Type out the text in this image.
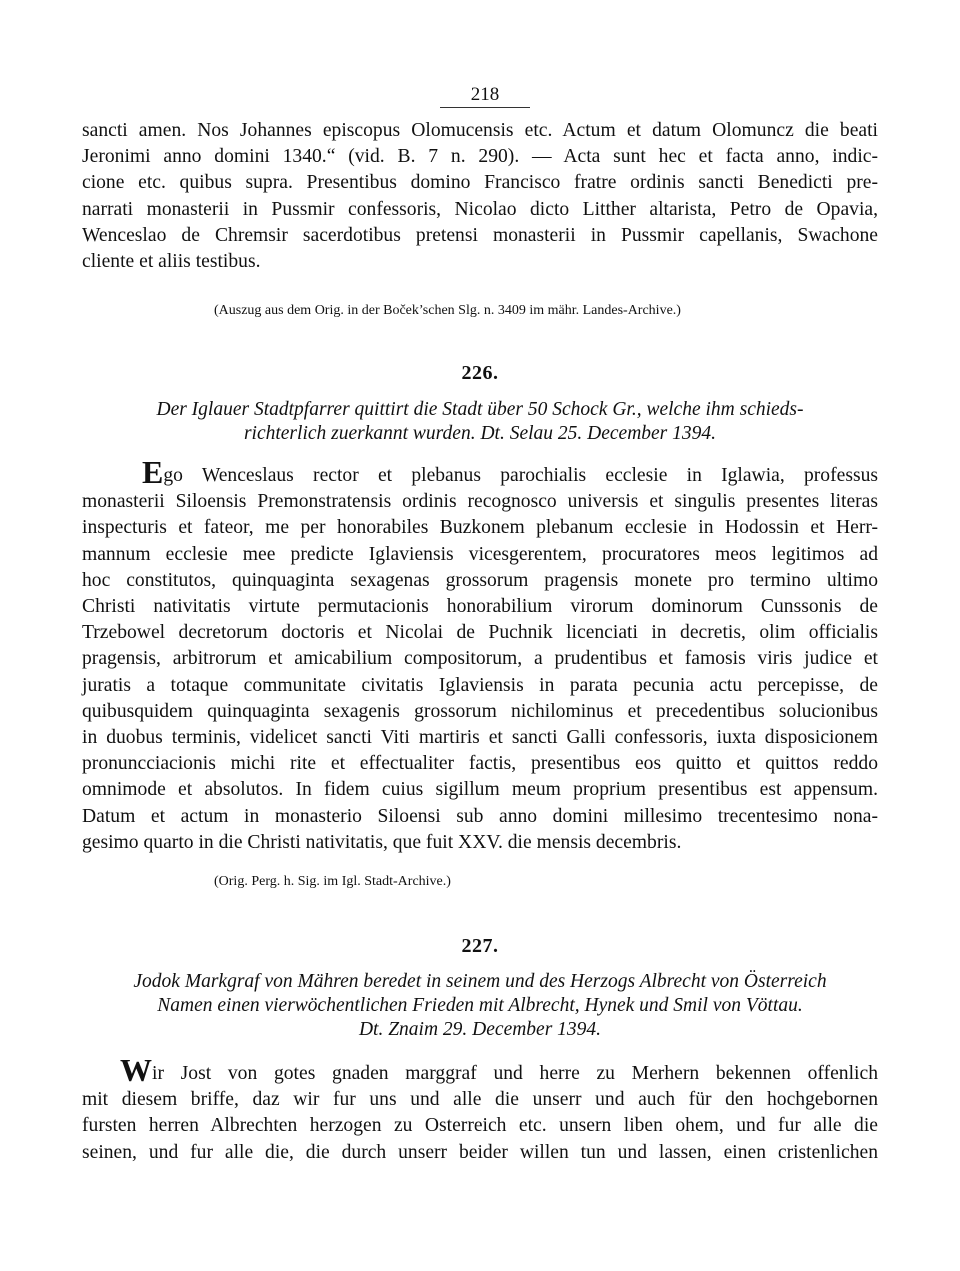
218
sancti amen. Nos Johannes episcopus Olomucensis etc. Actum et datum Olomuncz die beati
Jeronimi anno domini 1340.“ (vid. B. 7 n. 290). — Acta sunt hec et facta anno, indic-
cione etc. quibus supra. Presentibus domino Francisco fratre ordinis sancti Benedicti pre-
narrati monasterii in Pussmir confessoris, Nicolao dicto Litther altarista, Petro de Opavia,
Wenceslao de Chremsir sacerdotibus pretensi monasterii in Pussmir capellanis, Swachone
cliente et aliis testibus.
(Auszug aus dem Orig. in der Boček’schen Slg. n. 3409 im mähr. Landes-Archive.)
226.
Der Iglauer Stadtpfarrer quittirt die Stadt über 50 Schock Gr., welche ihm schieds-
richterlich zuerkannt wurden. Dt. Selau 25. December 1394.
Ego Wenceslaus rector et plebanus parochialis ecclesie in Iglawia, professus
monasterii Siloensis Premonstratensis ordinis recognosco universis et singulis presentes literas
inspecturis et fateor, me per honorabiles Buzkonem plebanum ecclesie in Hodossin et Herr-
mannum ecclesie mee predicte Iglaviensis vicesgerentem, procuratores meos legitimos ad
hoc constitutos, quinquaginta sexagenas grossorum pragensis monete pro termino ultimo
Christi nativitatis virtute permutacionis honorabilium virorum dominorum Cunssonis de
Trzebowel decretorum doctoris et Nicolai de Puchnik licenciati in decretis, olim officialis
pragensis, arbitrorum et amicabilium compositorum, a prudentibus et famosis viris judice et
juratis a totaque communitate civitatis Iglaviensis in parata pecunia actu percepisse, de
quibusquidem quinquaginta sexagenis grossorum nichilominus et precedentibus solucionibus
in duobus terminis, videlicet sancti Viti martiris et sancti Galli confessoris, iuxta disposicionem
pronuncciacionis michi rite et effectualiter factis, presentibus eos quitto et quittos reddo
omnimode et absolutos. In fidem cuius sigillum meum proprium presentibus est appensum.
Datum et actum in monasterio Siloensi sub anno domini millesimo trecentesimo nona-
gesimo quarto in die Christi nativitatis, que fuit XXV. die mensis decembris.
(Orig. Perg. h. Sig. im Igl. Stadt-Archive.)
227.
Jodok Markgraf von Mähren beredet in seinem und des Herzogs Albrecht von Österreich
Namen einen vierwöchentlichen Frieden mit Albrecht, Hynek und Smil von Vöttau.
Dt. Znaim 29. December 1394.
Wir Jost von gotes gnaden marggraf und herre zu Merhern bekennen offenlich
mit diesem briffe, daz wir fur uns und alle die unserr und auch für den hochgebornen
fursten herren Albrechten herzogen zu Osterreich etc. unsern liben ohem, und fur alle die
seinen, und fur alle die, die durch unserr beider willen tun und lassen, einen cristenlichen
